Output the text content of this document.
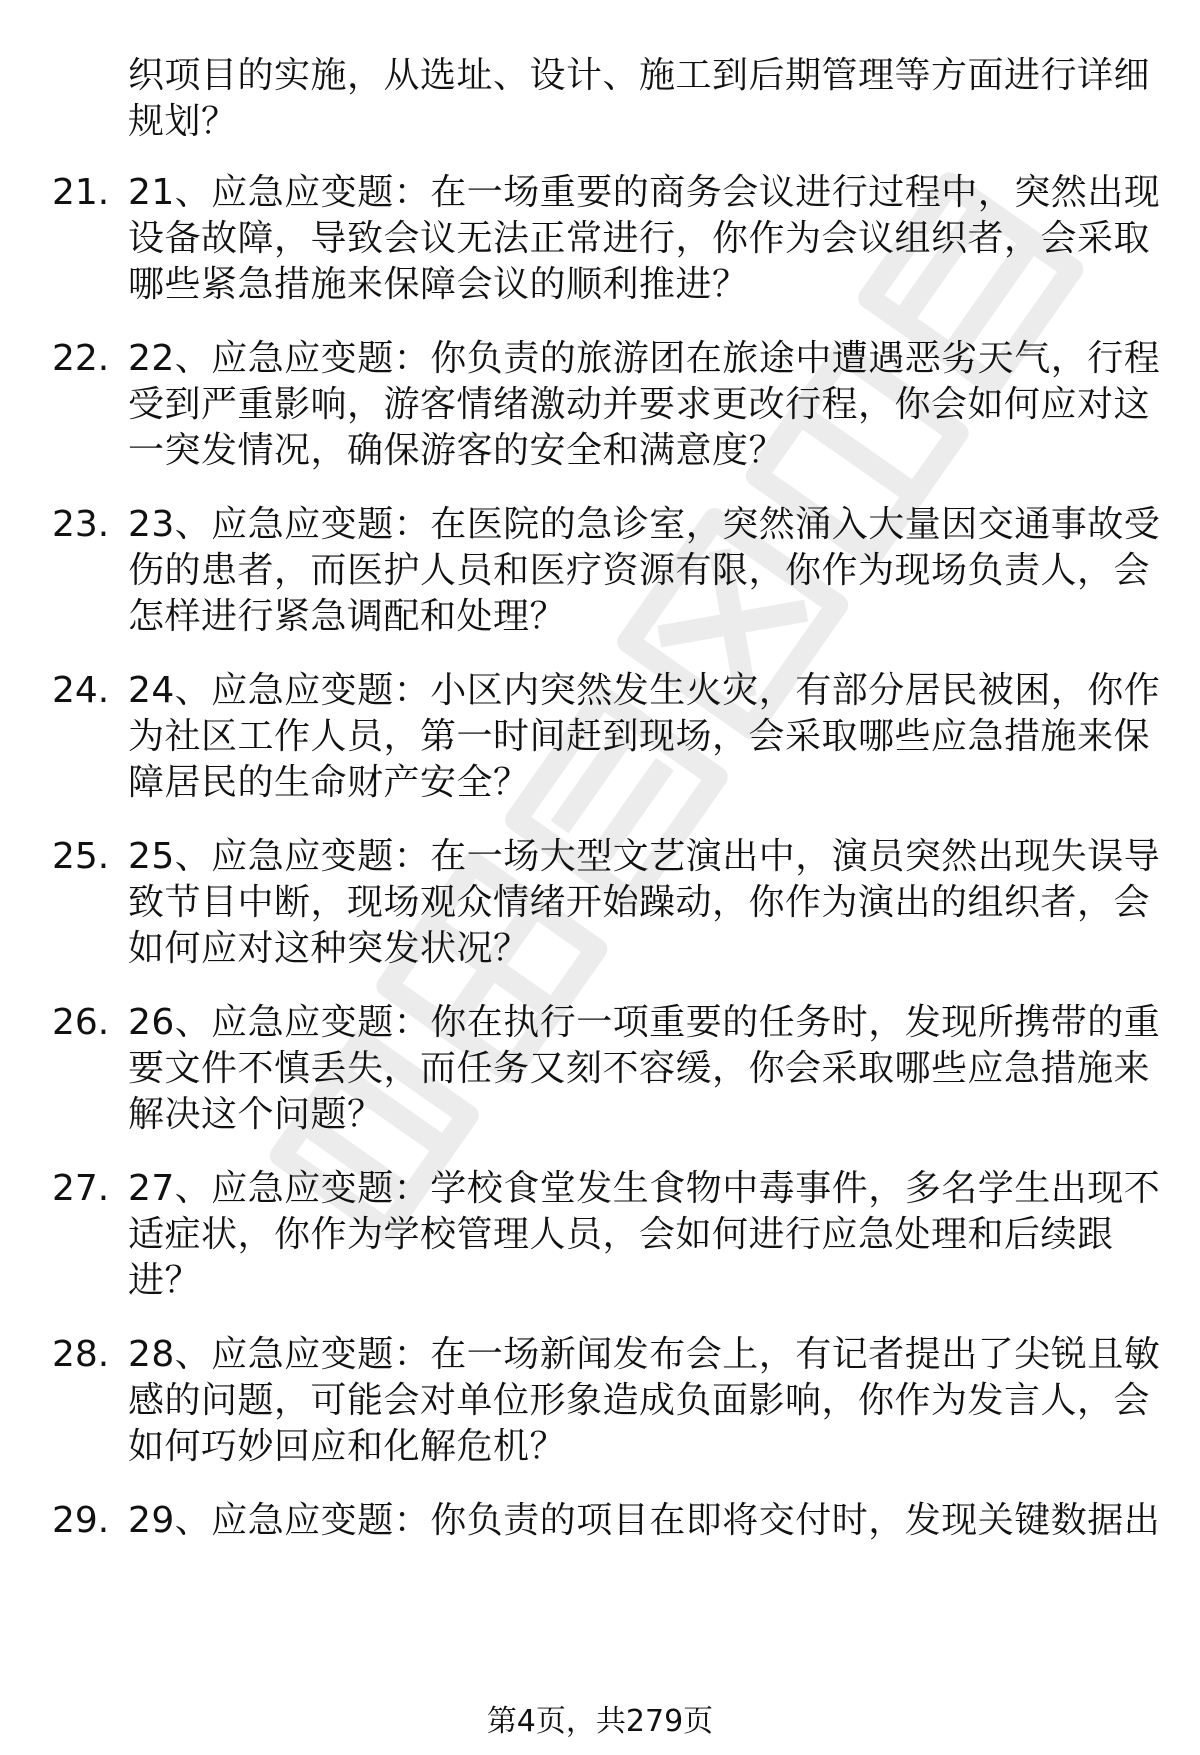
织项目的实施，从选址、设计、施工到后期管理等方面进行详细
规划？
21. 21、应急应变题：在一场重要的商务会议进行过程中，突然出现
设备故障，导致会议无法正常进行，你作为会议组织者，会采取
哪些紧急措施来保障会议的顺利推进？
22. 22、应急应变题：你负责的旅游团在旅途中遭遇恶劣天气，行程
受到严重影响，游客情绪激动并要求更改行程，你会如何应对这
一突发情况，确保游客的安全和满意度？
23. 23、应急应变题：在医院的急诊室，突然涌入大量因交通事故受
伤的患者，而医护人员和医疗资源有限，你作为现场负责人，会
怎样进行紧急调配和处理？
24. 24、应急应变题：小区内突然发生火灾，有部分居民被困，你作
为社区工作人员，第一时间赶到现场，会采取哪些应急措施来保
障居民的生命财产安全？
25. 25、应急应变题：在一场大型文艺演出中，演员突然出现失误导
致节目中断，现场观众情绪开始躁动，你作为演出的组织者，会
如何应对这种突发状况？
26. 26、应急应变题：你在执行一项重要的任务时，发现所携带的重
要文件不慎丢失，而任务又刻不容缓，你会采取哪些应急措施来
解决这个问题？
27. 27、应急应变题：学校食堂发生食物中毒事件，多名学生出现不
适症状，你作为学校管理人员，会如何进行应急处理和后续跟
进？
28. 28、应急应变题：在一场新闻发布会上，有记者提出了尖锐且敏
感的问题，可能会对单位形象造成负面影响，你作为发言人，会
如何巧妙回应和化解危机？
29. 29、应急应变题：你负责的项目在即将交付时，发现关键数据出
第4页，共279页
